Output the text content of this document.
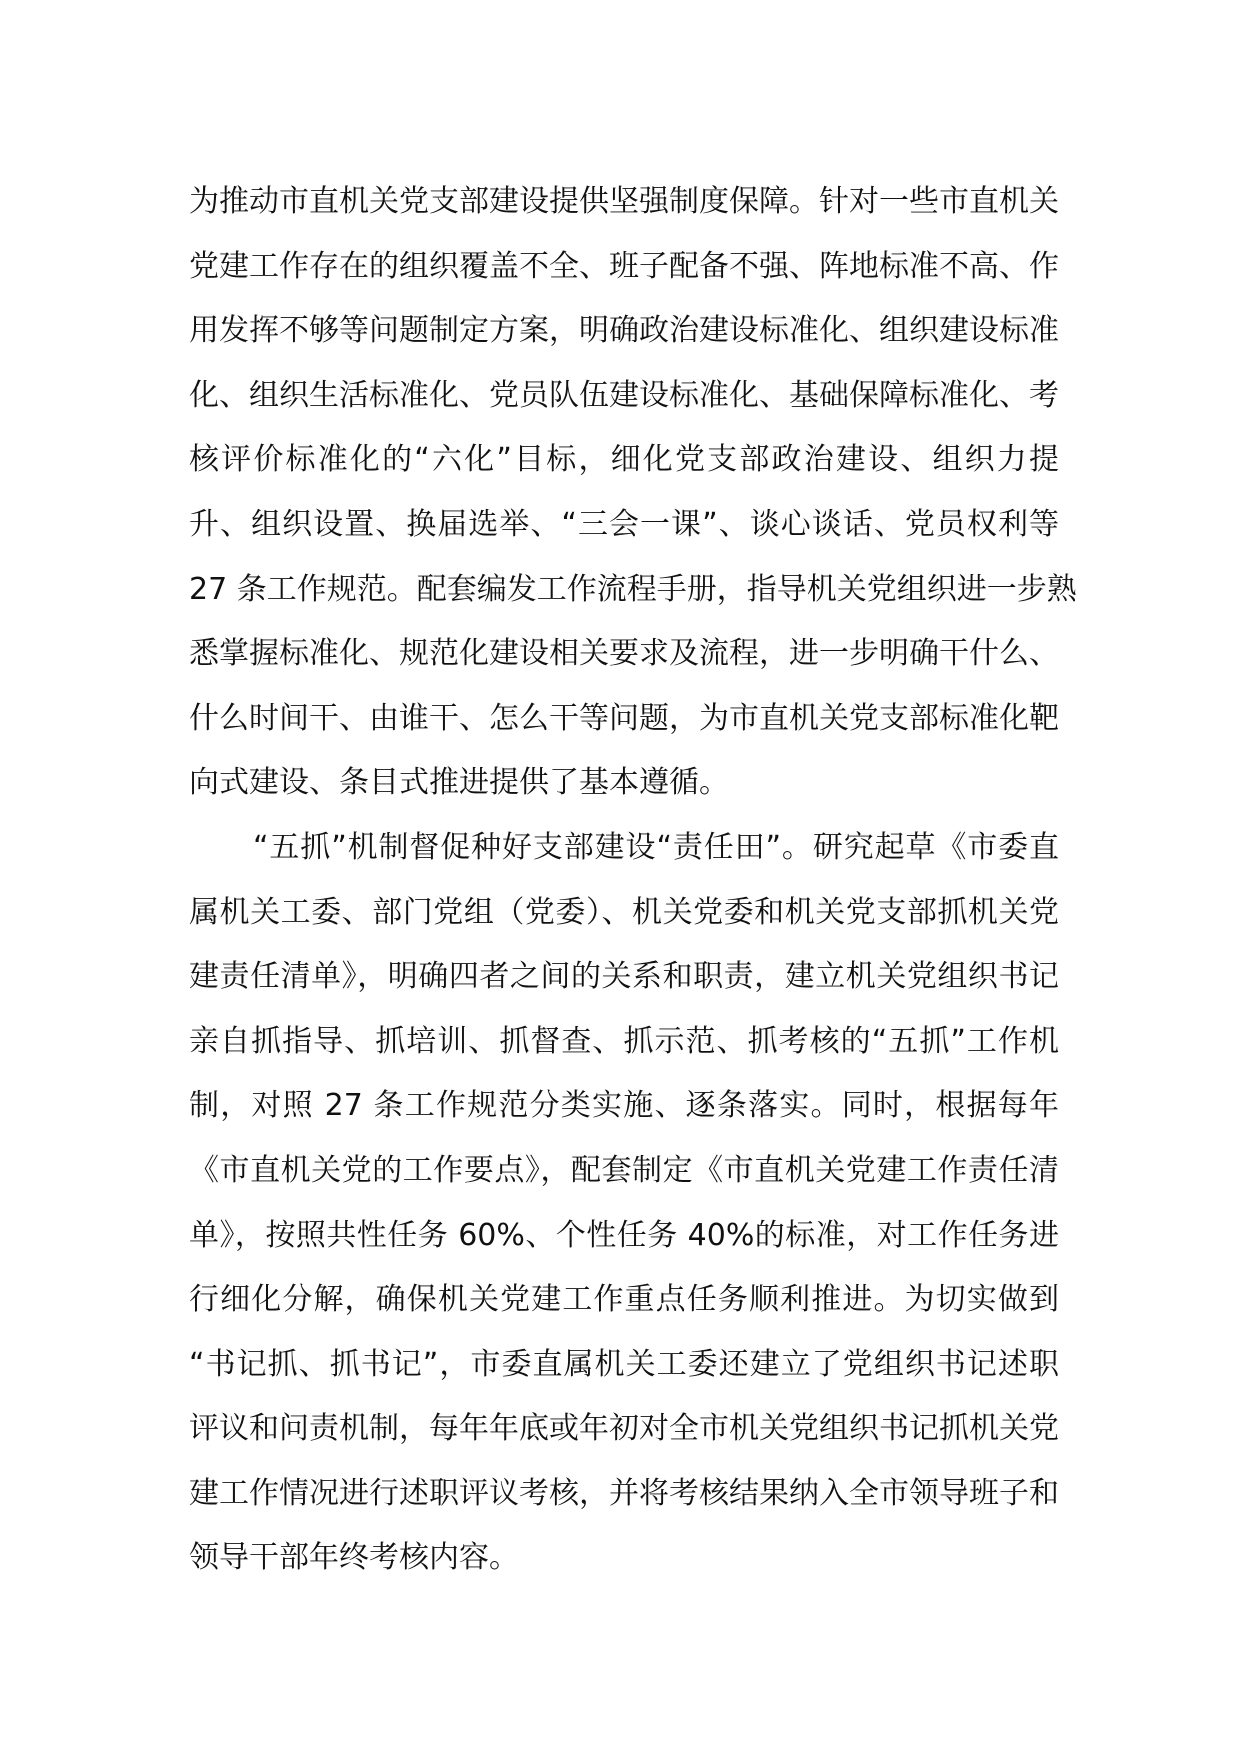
为推动市直机关党支部建设提供坚强制度保障。针对一些市直机关
党建工作存在的组织覆盖不全、班子配备不强、阵地标准不高、作
用发挥不够等问题制定方案，明确政治建设标准化、组织建设标准
化、组织生活标准化、党员队伍建设标准化、基础保障标准化、考
核评价标准化的“六化”目标，细化党支部政治建设、组织力提
升、组织设置、换届选举、“三会一课”、谈心谈话、党员权利等
27 条工作规范。配套编发工作流程手册，指导机关党组织进一步熟
悉掌握标准化、规范化建设相关要求及流程，进一步明确干什么、
什么时间干、由谁干、怎么干等问题，为市直机关党支部标准化靶
向式建设、条目式推进提供了基本遵循。
“五抓”机制督促种好支部建设“责任田”。研究起草《市委直
属机关工委、部门党组（党委）、机关党委和机关党支部抓机关党
建责任清单》，明确四者之间的关系和职责，建立机关党组织书记
亲自抓指导、抓培训、抓督查、抓示范、抓考核的“五抓”工作机
制，对照 27 条工作规范分类实施、逐条落实。同时，根据每年
《市直机关党的工作要点》，配套制定《市直机关党建工作责任清
单》，按照共性任务 60%、个性任务 40%的标准，对工作任务进
行细化分解，确保机关党建工作重点任务顺利推进。为切实做到
“书记抓、抓书记”，市委直属机关工委还建立了党组织书记述职
评议和问责机制，每年年底或年初对全市机关党组织书记抓机关党
建工作情况进行述职评议考核，并将考核结果纳入全市领导班子和
领导干部年终考核内容。
